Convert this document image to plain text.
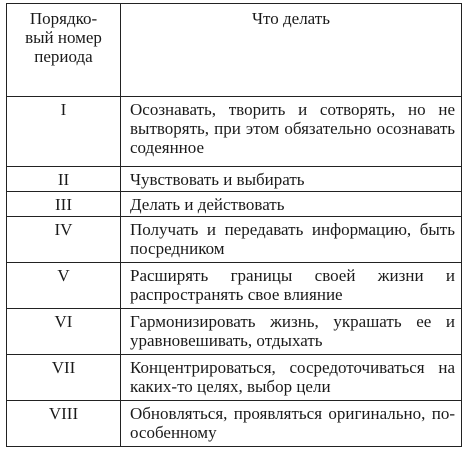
Порядко-
вый номер
периода	Что делать
I	Осознавать, творить и сотворять, но не вытворять, при этом обязательно осознавать содеянное
II	Чувствовать и выбирать
III	Делать и действовать
IV	Получать и передавать информацию, быть посредником
V	Расширять границы своей жизни и распространять свое влияние
VI	Гармонизировать жизнь, украшать ее и уравновешивать, отдыхать
VII	Концентрироваться, сосредоточиваться на каких-то целях, выбор цели
VIII	Обновляться, проявляться оригинально, по-особенному
